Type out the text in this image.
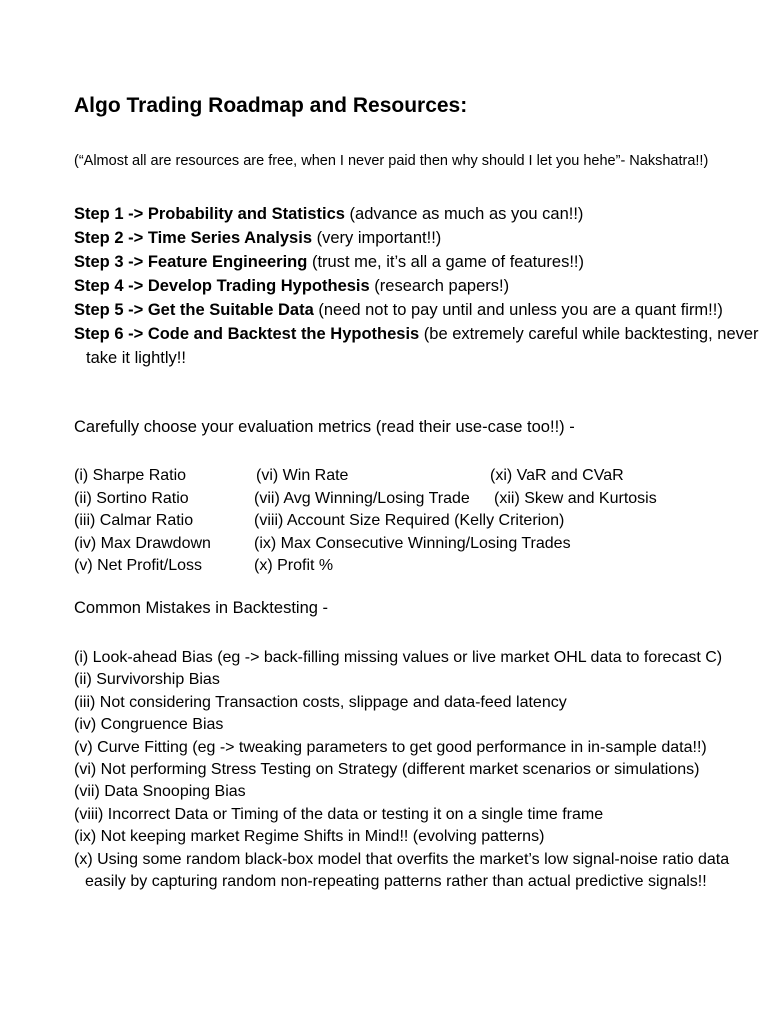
Algo Trading Roadmap and Resources:
(“Almost all are resources are free, when I never paid then why should I let you hehe”- Nakshatra!!)
Step 1 -> Probability and Statistics (advance as much as you can!!)
Step 2 -> Time Series Analysis (very important!!)
Step 3 -> Feature Engineering (trust me, it’s all a game of features!!)
Step 4 -> Develop Trading Hypothesis (research papers!)
Step 5 -> Get the Suitable Data (need not to pay until and unless you are a quant firm!!)
Step 6 -> Code and Backtest the Hypothesis (be extremely careful while backtesting, never take it lightly!!
Carefully choose your evaluation metrics (read their use-case too!!) -
(i) Sharpe Ratio
(ii) Sortino Ratio
(iii) Calmar Ratio
(iv) Max Drawdown
(v) Net Profit/Loss
(vi) Win Rate
(vii) Avg Winning/Losing Trade
(viii) Account Size Required (Kelly Criterion)
(ix) Max Consecutive Winning/Losing Trades
(x) Profit %
(xi) VaR and CVaR
(xii) Skew and Kurtosis
Common Mistakes in Backtesting -
(i) Look-ahead Bias (eg -> back-filling missing values or live market OHL data to forecast C)
(ii) Survivorship Bias
(iii) Not considering Transaction costs, slippage and data-feed latency
(iv) Congruence Bias
(v) Curve Fitting (eg -> tweaking parameters to get good performance in in-sample data!!)
(vi) Not performing Stress Testing on Strategy (different market scenarios or simulations)
(vii) Data Snooping Bias
(viii) Incorrect Data or Timing of the data or testing it on a single time frame
(ix) Not keeping market Regime Shifts in Mind!! (evolving patterns)
(x) Using some random black-box model that overfits the market’s low signal-noise ratio data easily by capturing random non-repeating patterns rather than actual predictive signals!!
